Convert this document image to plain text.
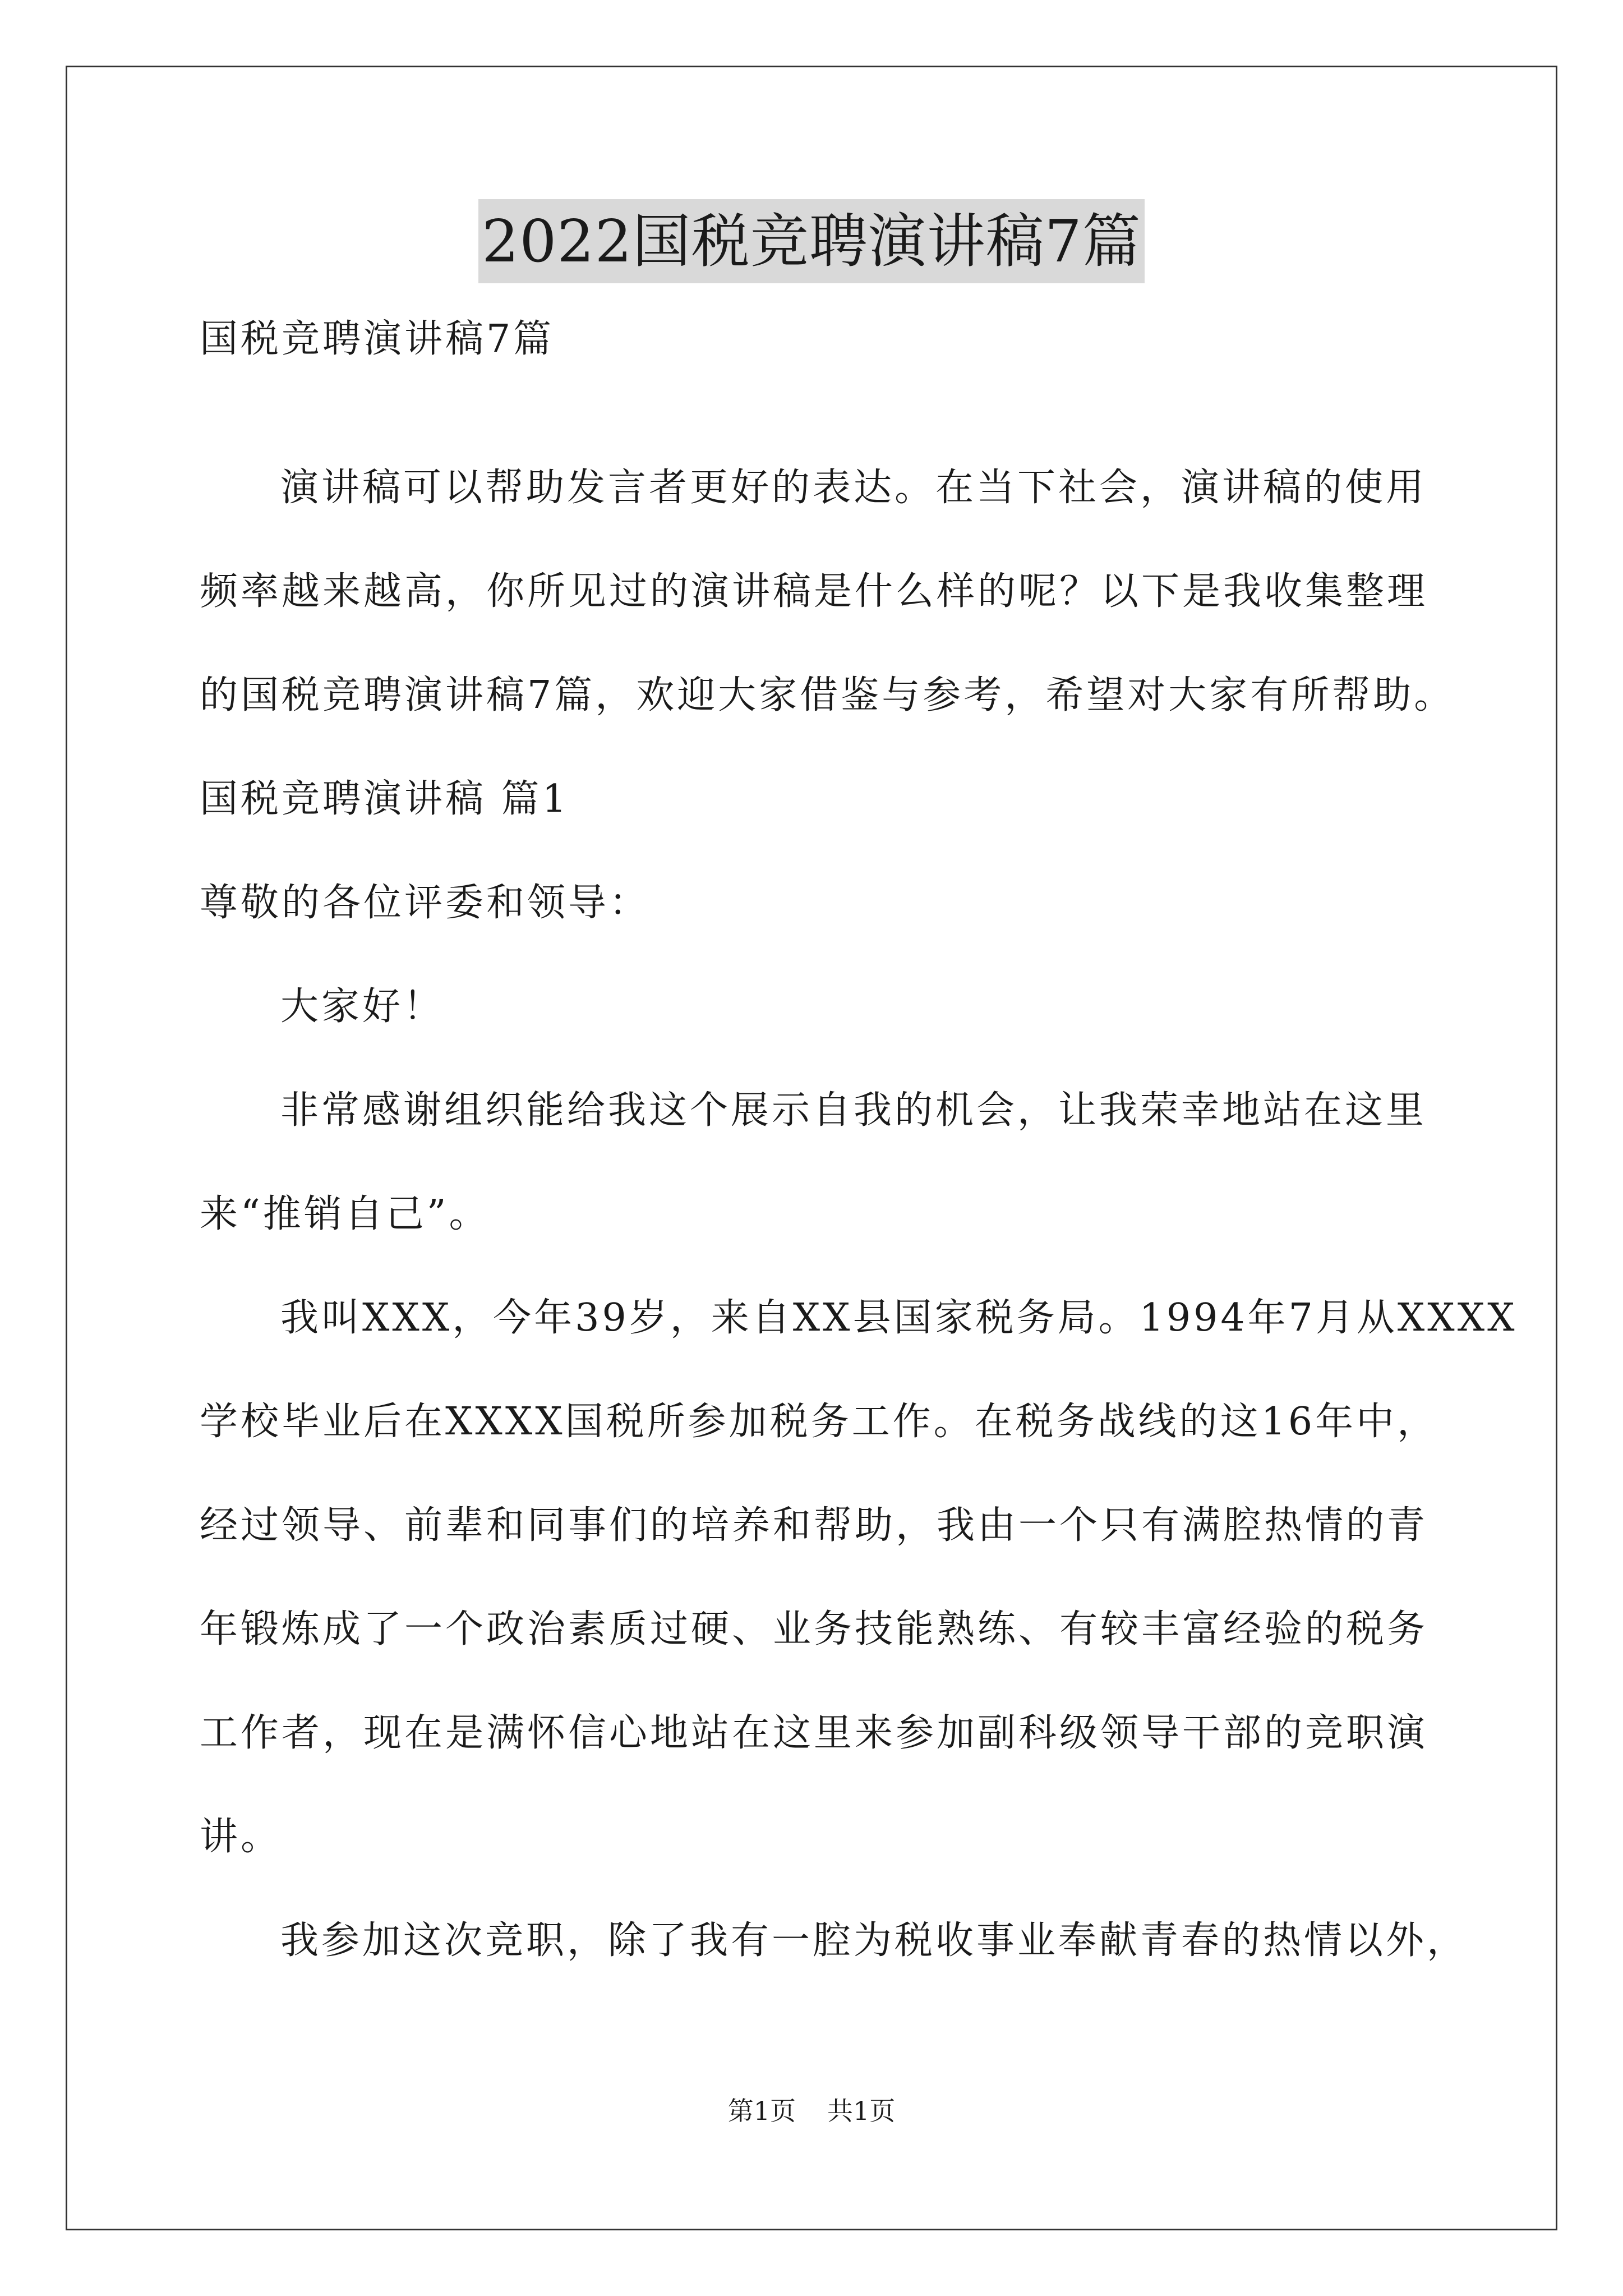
2022国税竞聘演讲稿7篇
国税竞聘演讲稿7篇
演讲稿可以帮助发言者更好的表达。在当下社会，演讲稿的使用
频率越来越高，你所见过的演讲稿是什么样的呢？以下是我收集整理
的国税竞聘演讲稿7篇，欢迎大家借鉴与参考，希望对大家有所帮助。
国税竞聘演讲稿 篇1
尊敬的各位评委和领导：
大家好！
非常感谢组织能给我这个展示自我的机会，让我荣幸地站在这里
来“推销自己”。
我叫XXX，今年39岁，来自XX县国家税务局。1994年7月从XXXX
学校毕业后在XXXX国税所参加税务工作。在税务战线的这16年中，
经过领导、前辈和同事们的培养和帮助，我由一个只有满腔热情的青
年锻炼成了一个政治素质过硬、业务技能熟练、有较丰富经验的税务
工作者，现在是满怀信心地站在这里来参加副科级领导干部的竞职演
讲。
我参加这次竞职，除了我有一腔为税收事业奉献青春的热情以外，
第1页 共1页
